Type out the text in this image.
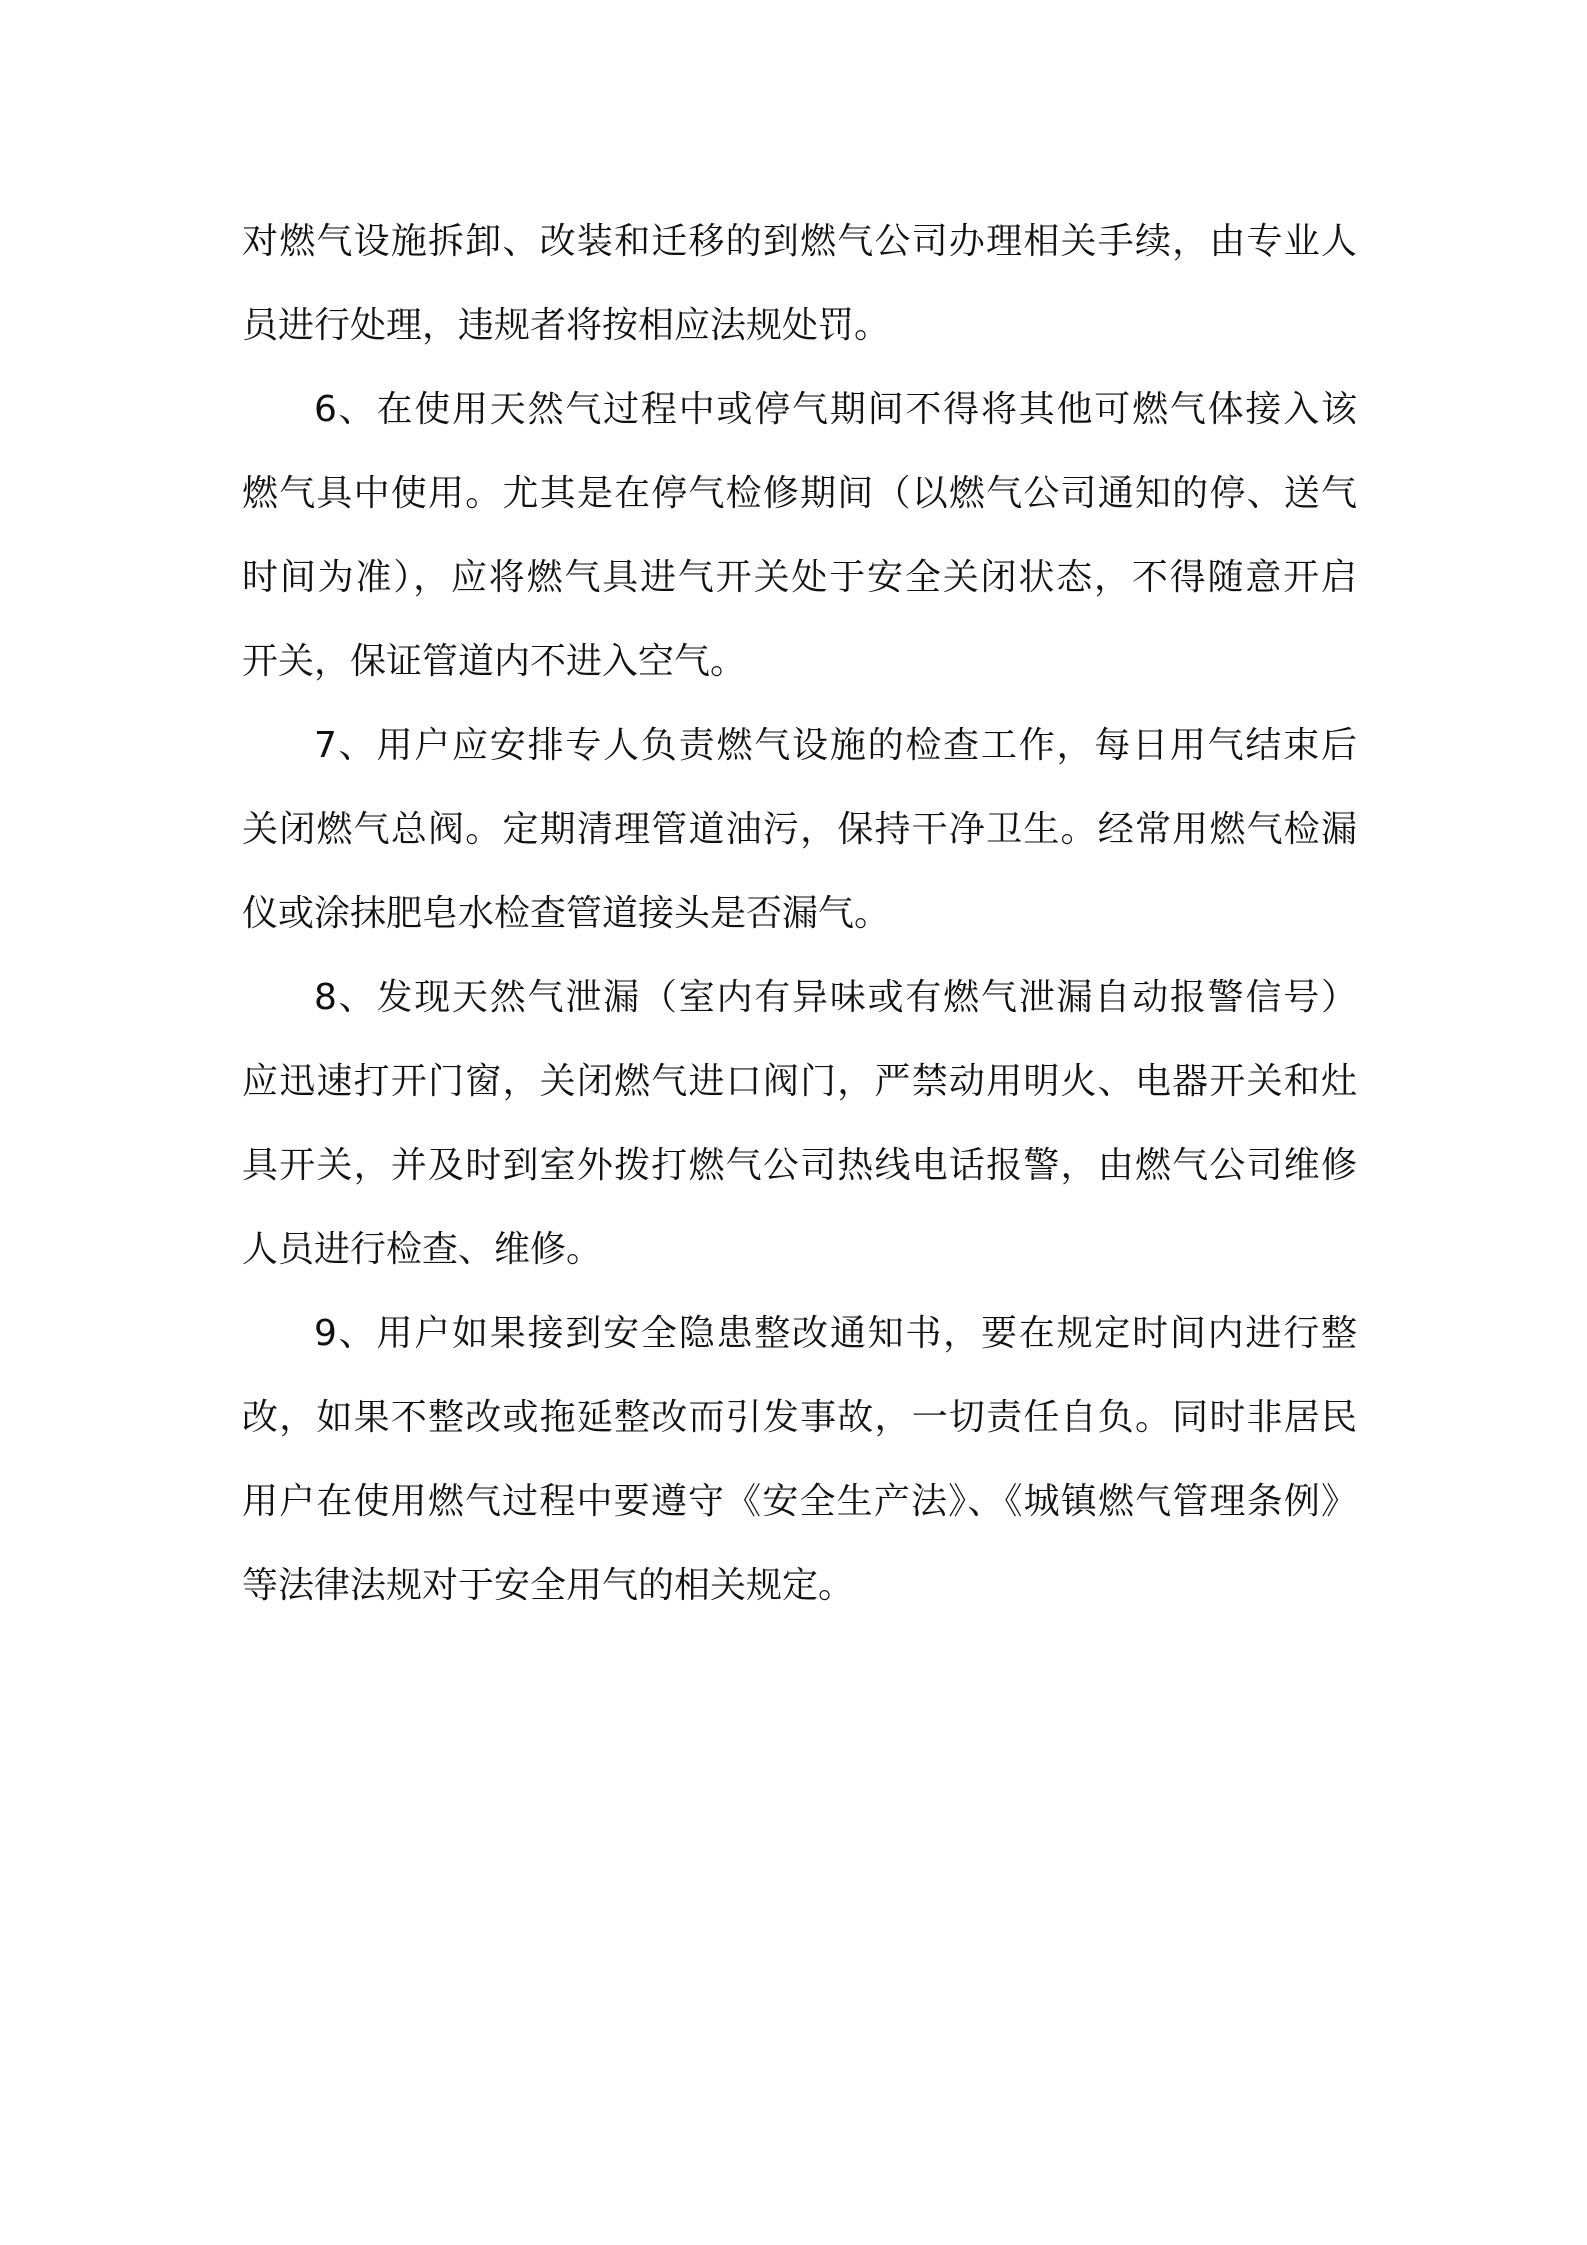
对燃气设施拆卸、改装和迁移的到燃气公司办理相关手续，由专业人
员进行处理，违规者将按相应法规处罚。
6、在使用天然气过程中或停气期间不得将其他可燃气体接入该
燃气具中使用。尤其是在停气检修期间（以燃气公司通知的停、送气
时间为准），应将燃气具进气开关处于安全关闭状态，不得随意开启
开关，保证管道内不进入空气。
7、用户应安排专人负责燃气设施的检查工作，每日用气结束后
关闭燃气总阀。定期清理管道油污，保持干净卫生。经常用燃气检漏
仪或涂抹肥皂水检查管道接头是否漏气。
8、发现天然气泄漏（室内有异味或有燃气泄漏自动报警信号）
应迅速打开门窗，关闭燃气进口阀门，严禁动用明火、电器开关和灶
具开关，并及时到室外拨打燃气公司热线电话报警，由燃气公司维修
人员进行检查、维修。
9、用户如果接到安全隐患整改通知书，要在规定时间内进行整
改，如果不整改或拖延整改而引发事故，一切责任自负。同时非居民
用户在使用燃气过程中要遵守《安全生产法》、《城镇燃气管理条例》
等法律法规对于安全用气的相关规定。
